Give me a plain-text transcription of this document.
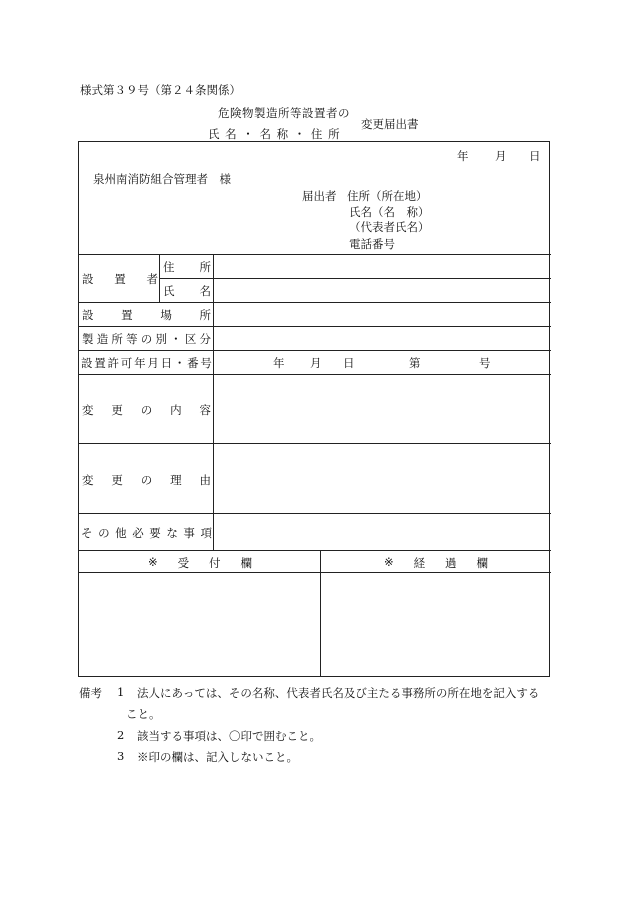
様式第３９号（第２４条関係）
危険物製造所等設置者の
氏 名 ・ 名 称 ・ 住 所
変更届出書
年 月 日
泉州南消防組合管理者　様
届出者 住所（所在地）
氏名（名　称）
（代表者氏名）
電話番号
設 置 者
住 所
氏 名
設 置 場 所
製 造 所 等 の 別 ・ 区 分
設 置 許 可 年 月 日 ・ 番 号	年 月 日	第	号
変 更 の 内 容
変 更 の 理 由
そ の 他 必 要 な 事 項
※ 受 付 欄	※ 経 過 欄
備考 1 法人にあっては、その名称、代表者氏名及び主たる事務所の所在地を記入する
こと。
2 該当する事項は、〇印で囲むこと。
3 ※印の欄は、記入しないこと。
